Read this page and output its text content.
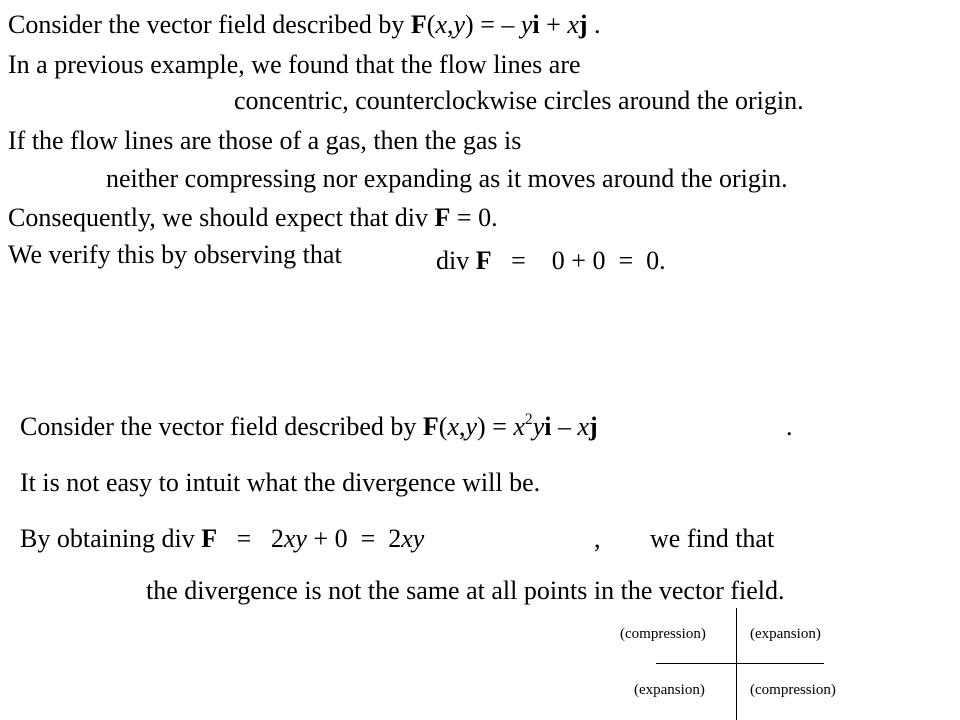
Consider the vector field described by F(x,y) = – yi + xj .
In a previous example, we found that the flow lines are
concentric, counterclockwise circles around the origin.
If the flow lines are those of a gas, then the gas is
neither compressing nor expanding as it moves around the origin.
Consequently, we should expect that div F = 0.
We verify this by observing that	div F   =    0 + 0  =  0.
Consider the vector field described by $F(x,y) = x^2yi$ – xj	.
It is not easy to intuit what the divergence will be.
By obtaining div F   =   2xy + 0  =  2xy	, we find that
the divergence is not the same at all points in the vector field.
(compression)	(expansion)
(expansion)	(compression)
